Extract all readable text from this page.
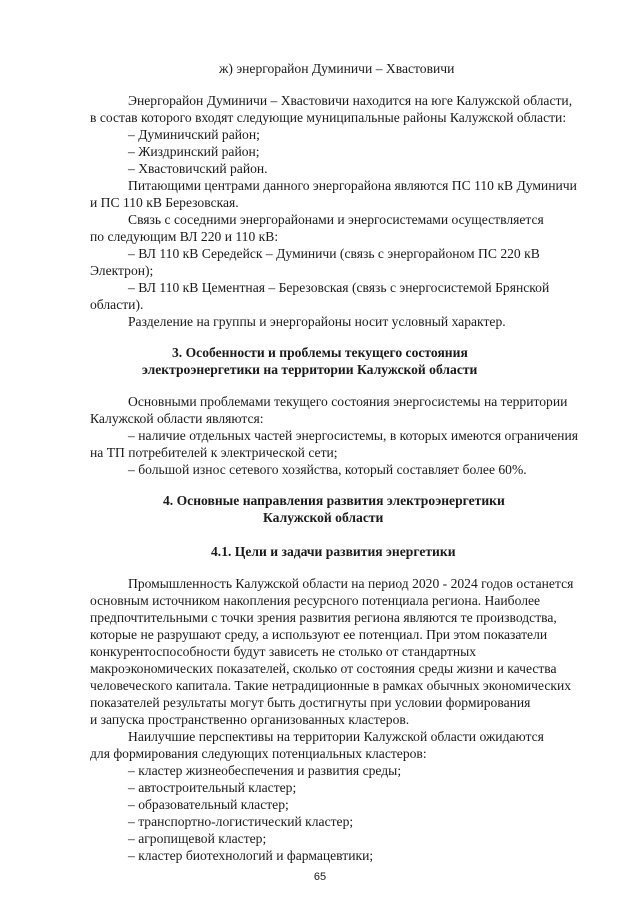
ж) энергорайон Думиничи – Хвастовичи

Энергорайон Думиничи – Хвастовичи находится на юге Калужской области,

в состав которого входят следующие муниципальные районы Калужской области:

– Думиничский район;

– Жиздринский район;

– Хвастовичский район.

Питающими центрами данного энергорайона являются ПС 110 кВ Думиничи

и ПС 110 кВ Березовская.

Связь с соседними энергорайонами и энергосистемами осуществляется

по следующим ВЛ 220 и 110 кВ:

– ВЛ 110 кВ Середейск – Думиничи (связь с энергорайоном ПС 220 кВ

Электрон);

– ВЛ 110 кВ Цементная – Березовская (связь с энергосистемой Брянской

области).

Разделение на группы и энергорайоны носит условный характер.

3. Особенности и проблемы текущего состояния

электроэнергетики на территории Калужской области

Основными проблемами текущего состояния энергосистемы на территории

Калужской области являются:

– наличие отдельных частей энергосистемы, в которых имеются ограничения

на ТП потребителей к электрической сети;

– большой износ сетевого хозяйства, который составляет более 60%.

4. Основные направления развития электроэнергетики

Калужской области

4.1. Цели и задачи развития энергетики

Промышленность Калужской области на период 2020 - 2024 годов останется

основным источником накопления ресурсного потенциала региона. Наиболее

предпочтительными с точки зрения развития региона являются те производства,

которые не разрушают среду, а используют ее потенциал. При этом показатели

конкурентоспособности будут зависеть не столько от стандартных

макроэкономических показателей, сколько от состояния среды жизни и качества

человеческого капитала. Такие нетрадиционные в рамках обычных экономических

показателей результаты могут быть достигнуты при условии формирования

и запуска пространственно организованных кластеров.

Наилучшие перспективы на территории Калужской области ожидаются

для формирования следующих потенциальных кластеров:

– кластер жизнеобеспечения и развития среды;

– автостроительный кластер;

– образовательный кластер;

– транспортно-логистический кластер;

– агропищевой кластер;

– кластер биотехнологий и фармацевтики;

65
